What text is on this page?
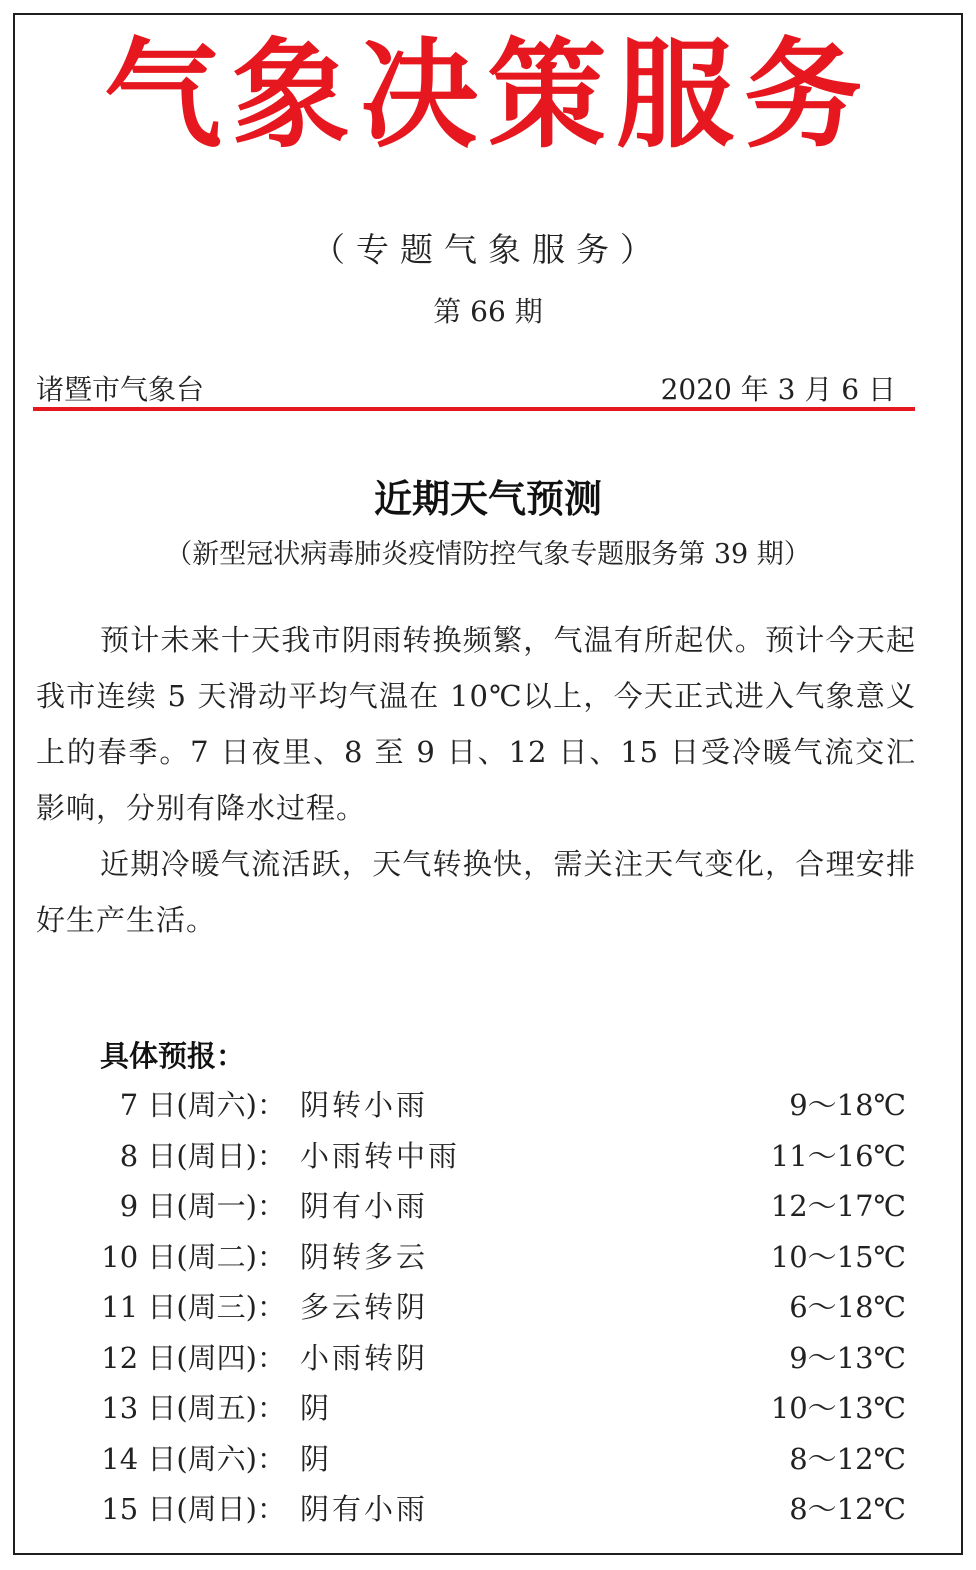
气象决策服务
（专题气象服务）
第 66 期
诸暨市气象台	2020 年 3 月 6 日
近期天气预测
（新型冠状病毒肺炎疫情防控气象专题服务第 39 期）
预计未来十天我市阴雨转换频繁，气温有所起伏。预计今天起我市连续 5 天滑动平均气温在 10℃以上，今天正式进入气象意义上的春季。7 日夜里、8 至 9 日、12 日、15 日受冷暖气流交汇影响，分别有降水过程。
近期冷暖气流活跃，天气转换快，需关注天气变化，合理安排好生产生活。
具体预报：
7 日(周六)： 阴转小雨	9～18℃
8 日(周日)： 小雨转中雨	11～16℃
9 日(周一)： 阴有小雨	12～17℃
10 日(周二)： 阴转多云	10～15℃
11 日(周三)： 多云转阴	6～18℃
12 日(周四)： 小雨转阴	9～13℃
13 日(周五)： 阴	10～13℃
14 日(周六)： 阴	8～12℃
15 日(周日)： 阴有小雨	8～12℃
